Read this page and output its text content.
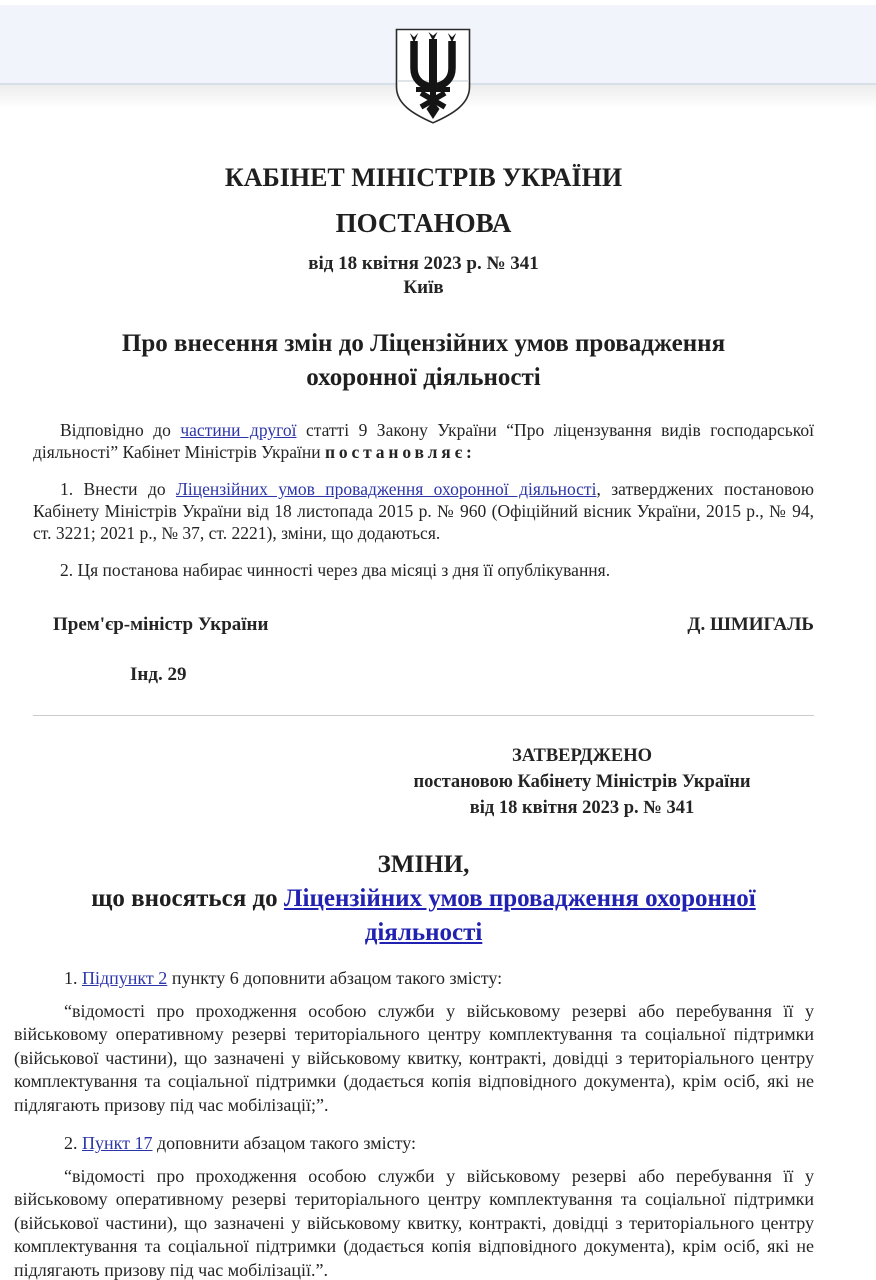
КАБІНЕТ МІНІСТРІВ УКРАЇНИ
ПОСТАНОВА
від 18 квітня 2023 р. № 341
Київ
Про внесення змін до Ліцензійних умов провадження охоронної діяльності

Відповідно до частини другої статті 9 Закону України “Про ліцензування видів господарської діяльності” Кабінет Міністрів України постановляє:

1. Внести до Ліцензійних умов провадження охоронної діяльності, затверджених постановою Кабінету Міністрів України від 18 листопада 2015 р. № 960 (Офіційний вісник України, 2015 р., № 94, ст. 3221; 2021 р., № 37, ст. 2221), зміни, що додаються.

2. Ця постанова набирає чинності через два місяці з дня її опублікування.

Прем'єр-міністр України	Д. ШМИГАЛЬ
Інд. 29
ЗАТВЕРДЖЕНО
постановою Кабінету Міністрів України
від 18 квітня 2023 р. № 341
ЗМІНИ,
що вносяться до Ліцензійних умов провадження охоронної діяльності

1. Підпункт 2 пункту 6 доповнити абзацом такого змісту:

“відомості про проходження особою служби у військовому резерві або перебування її у військовому оперативному резерві територіального центру комплектування та соціальної підтримки (військової частини), що зазначені у військовому квитку, контракті, довідці з територіального центру комплектування та соціальної підтримки (додається копія відповідного документа), крім осіб, які не підлягають призову під час мобілізації;”.

2. Пункт 17 доповнити абзацом такого змісту:

“відомості про проходження особою служби у військовому резерві або перебування її у військовому оперативному резерві територіального центру комплектування та соціальної підтримки (військової частини), що зазначені у військовому квитку, контракті, довідці з територіального центру комплектування та соціальної підтримки (додається копія відповідного документа), крім осіб, які не підлягають призову під час мобілізації.”.
